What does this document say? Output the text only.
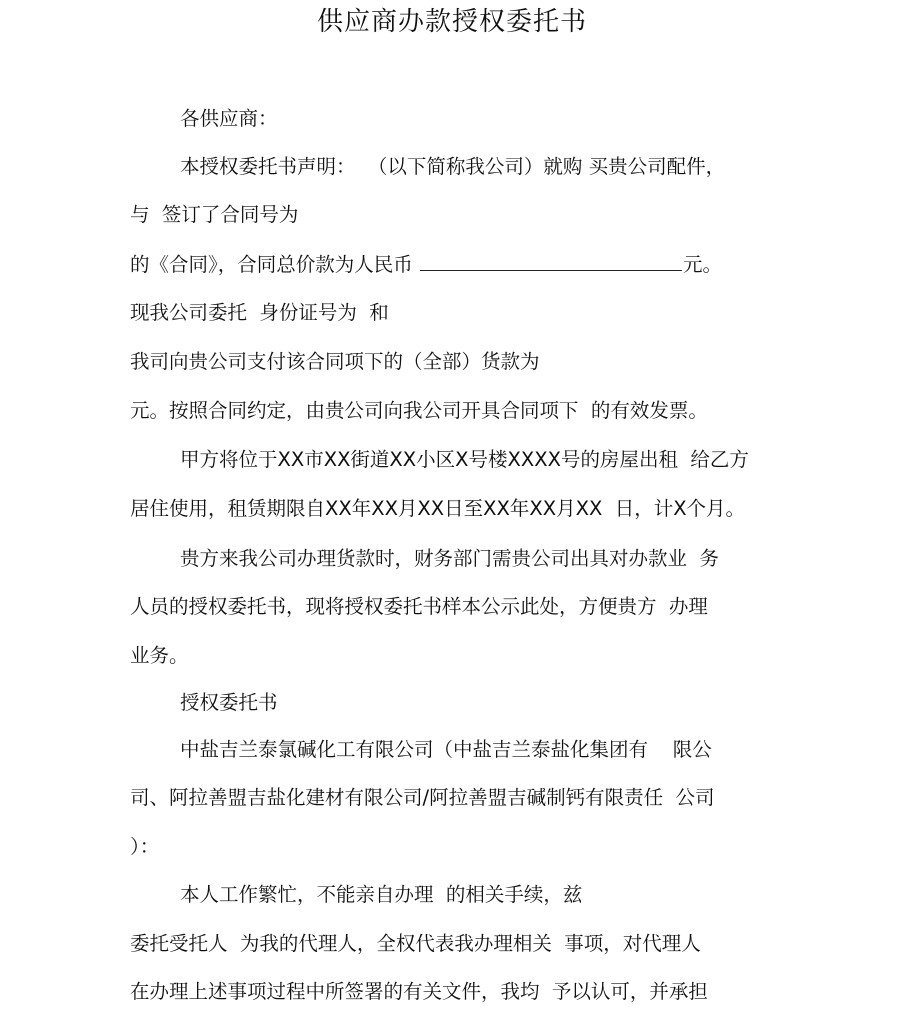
供应商办款授权委托书
各供应商：
本授权委托书声明：  （以下简称我公司）就购 买贵公司配件，
与  签订了合同号为
的《合同》，合同总价款为人民币	元。
现我公司委托  身份证号为  和
我司向贵公司支付该合同项下的（全部）货款为
元。按照合同约定，由贵公司向我公司开具合同项下  的有效发票。
甲方将位于XX市XX街道XX小区X号楼XXXX号的房屋出租  给乙方
居住使用，租赁期限自XX年XX月XX日至XX年XX月XX  日，计X个月。
贵方来我公司办理货款时，财务部门需贵公司出具对办款业  务
人员的授权委托书，现将授权委托书样本公示此处，方便贵方  办理
业务。
授权委托书
中盐吉兰泰氯碱化工有限公司（中盐吉兰泰盐化集团有    限公
司、阿拉善盟吉盐化建材有限公司/阿拉善盟吉碱制钙有限责任  公司
）：
本人工作繁忙，不能亲自办理  的相关手续，兹
委托受托人  为我的代理人，全权代表我办理相关  事项，对代理人
在办理上述事项过程中所签署的有关文件，我均  予以认可，并承担
